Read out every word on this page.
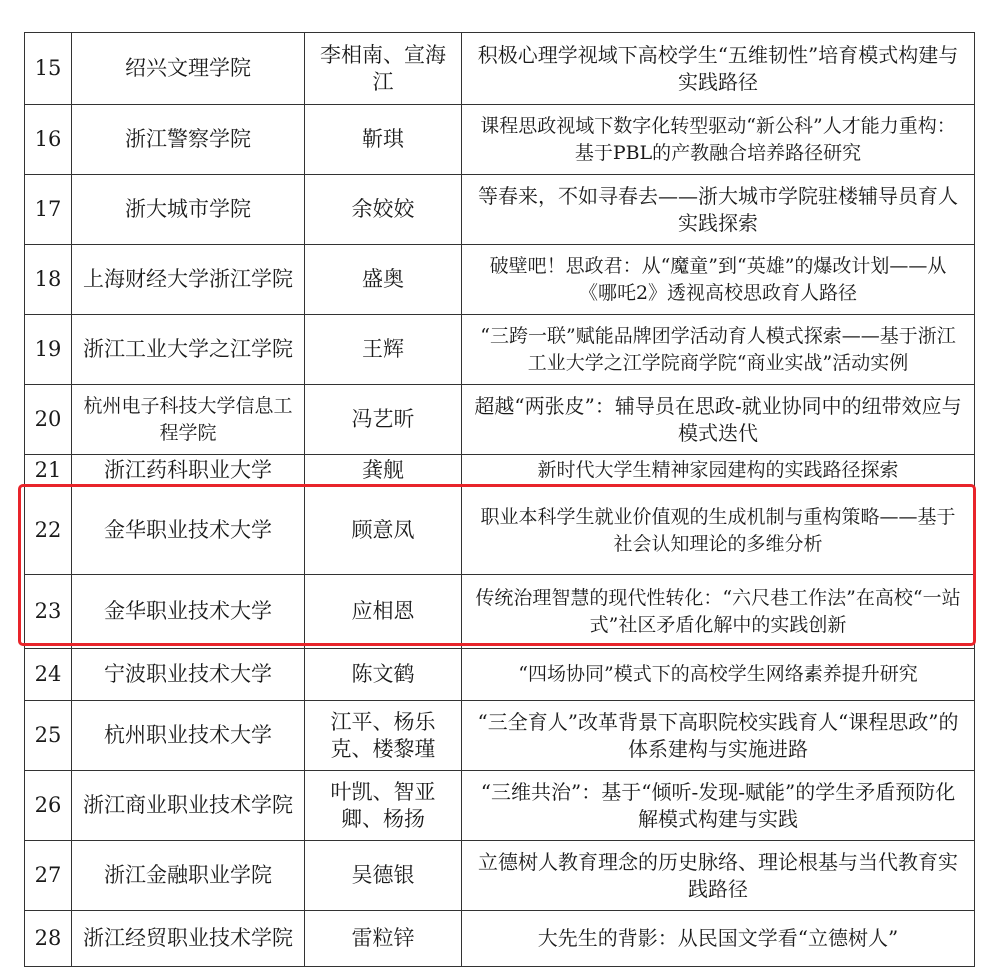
15	绍兴文理学院	李相南、宣海江	积极心理学视域下高校学生“五维韧性”培育模式构建与实践路径
16	浙江警察学院	靳琪	课程思政视域下数字化转型驱动“新公科”人才能力重构：基于PBL的产教融合培养路径研究
17	浙大城市学院	余姣姣	等春来，不如寻春去——浙大城市学院驻楼辅导员育人实践探索
18	上海财经大学浙江学院	盛奥	破壁吧！思政君：从“魔童”到“英雄”的爆改计划——从《哪吒2》透视高校思政育人路径
19	浙江工业大学之江学院	王辉	“三跨一联”赋能品牌团学活动育人模式探索——基于浙江工业大学之江学院商学院“商业实战”活动实例
20	杭州电子科技大学信息工程学院	冯艺昕	超越“两张皮”：辅导员在思政-就业协同中的纽带效应与模式迭代
21	浙江药科职业大学	龚舰	新时代大学生精神家园建构的实践路径探索
22	金华职业技术大学	顾意凤	职业本科学生就业价值观的生成机制与重构策略——基于社会认知理论的多维分析
23	金华职业技术大学	应相恩	传统治理智慧的现代性转化：“六尺巷工作法”在高校“一站式”社区矛盾化解中的实践创新
24	宁波职业技术大学	陈文鹤	“四场协同”模式下的高校学生网络素养提升研究
25	杭州职业技术大学	江平、杨乐克、楼黎瑾	“三全育人”改革背景下高职院校实践育人“课程思政”的体系建构与实施进路
26	浙江商业职业技术学院	叶凯、智亚卿、杨扬	“三维共治”：基于“倾听-发现-赋能”的学生矛盾预防化解模式构建与实践
27	浙江金融职业学院	吴德银	立德树人教育理念的历史脉络、理论根基与当代教育实践路径
28	浙江经贸职业技术学院	雷粒锌	大先生的背影：从民国文学看“立德树人”
